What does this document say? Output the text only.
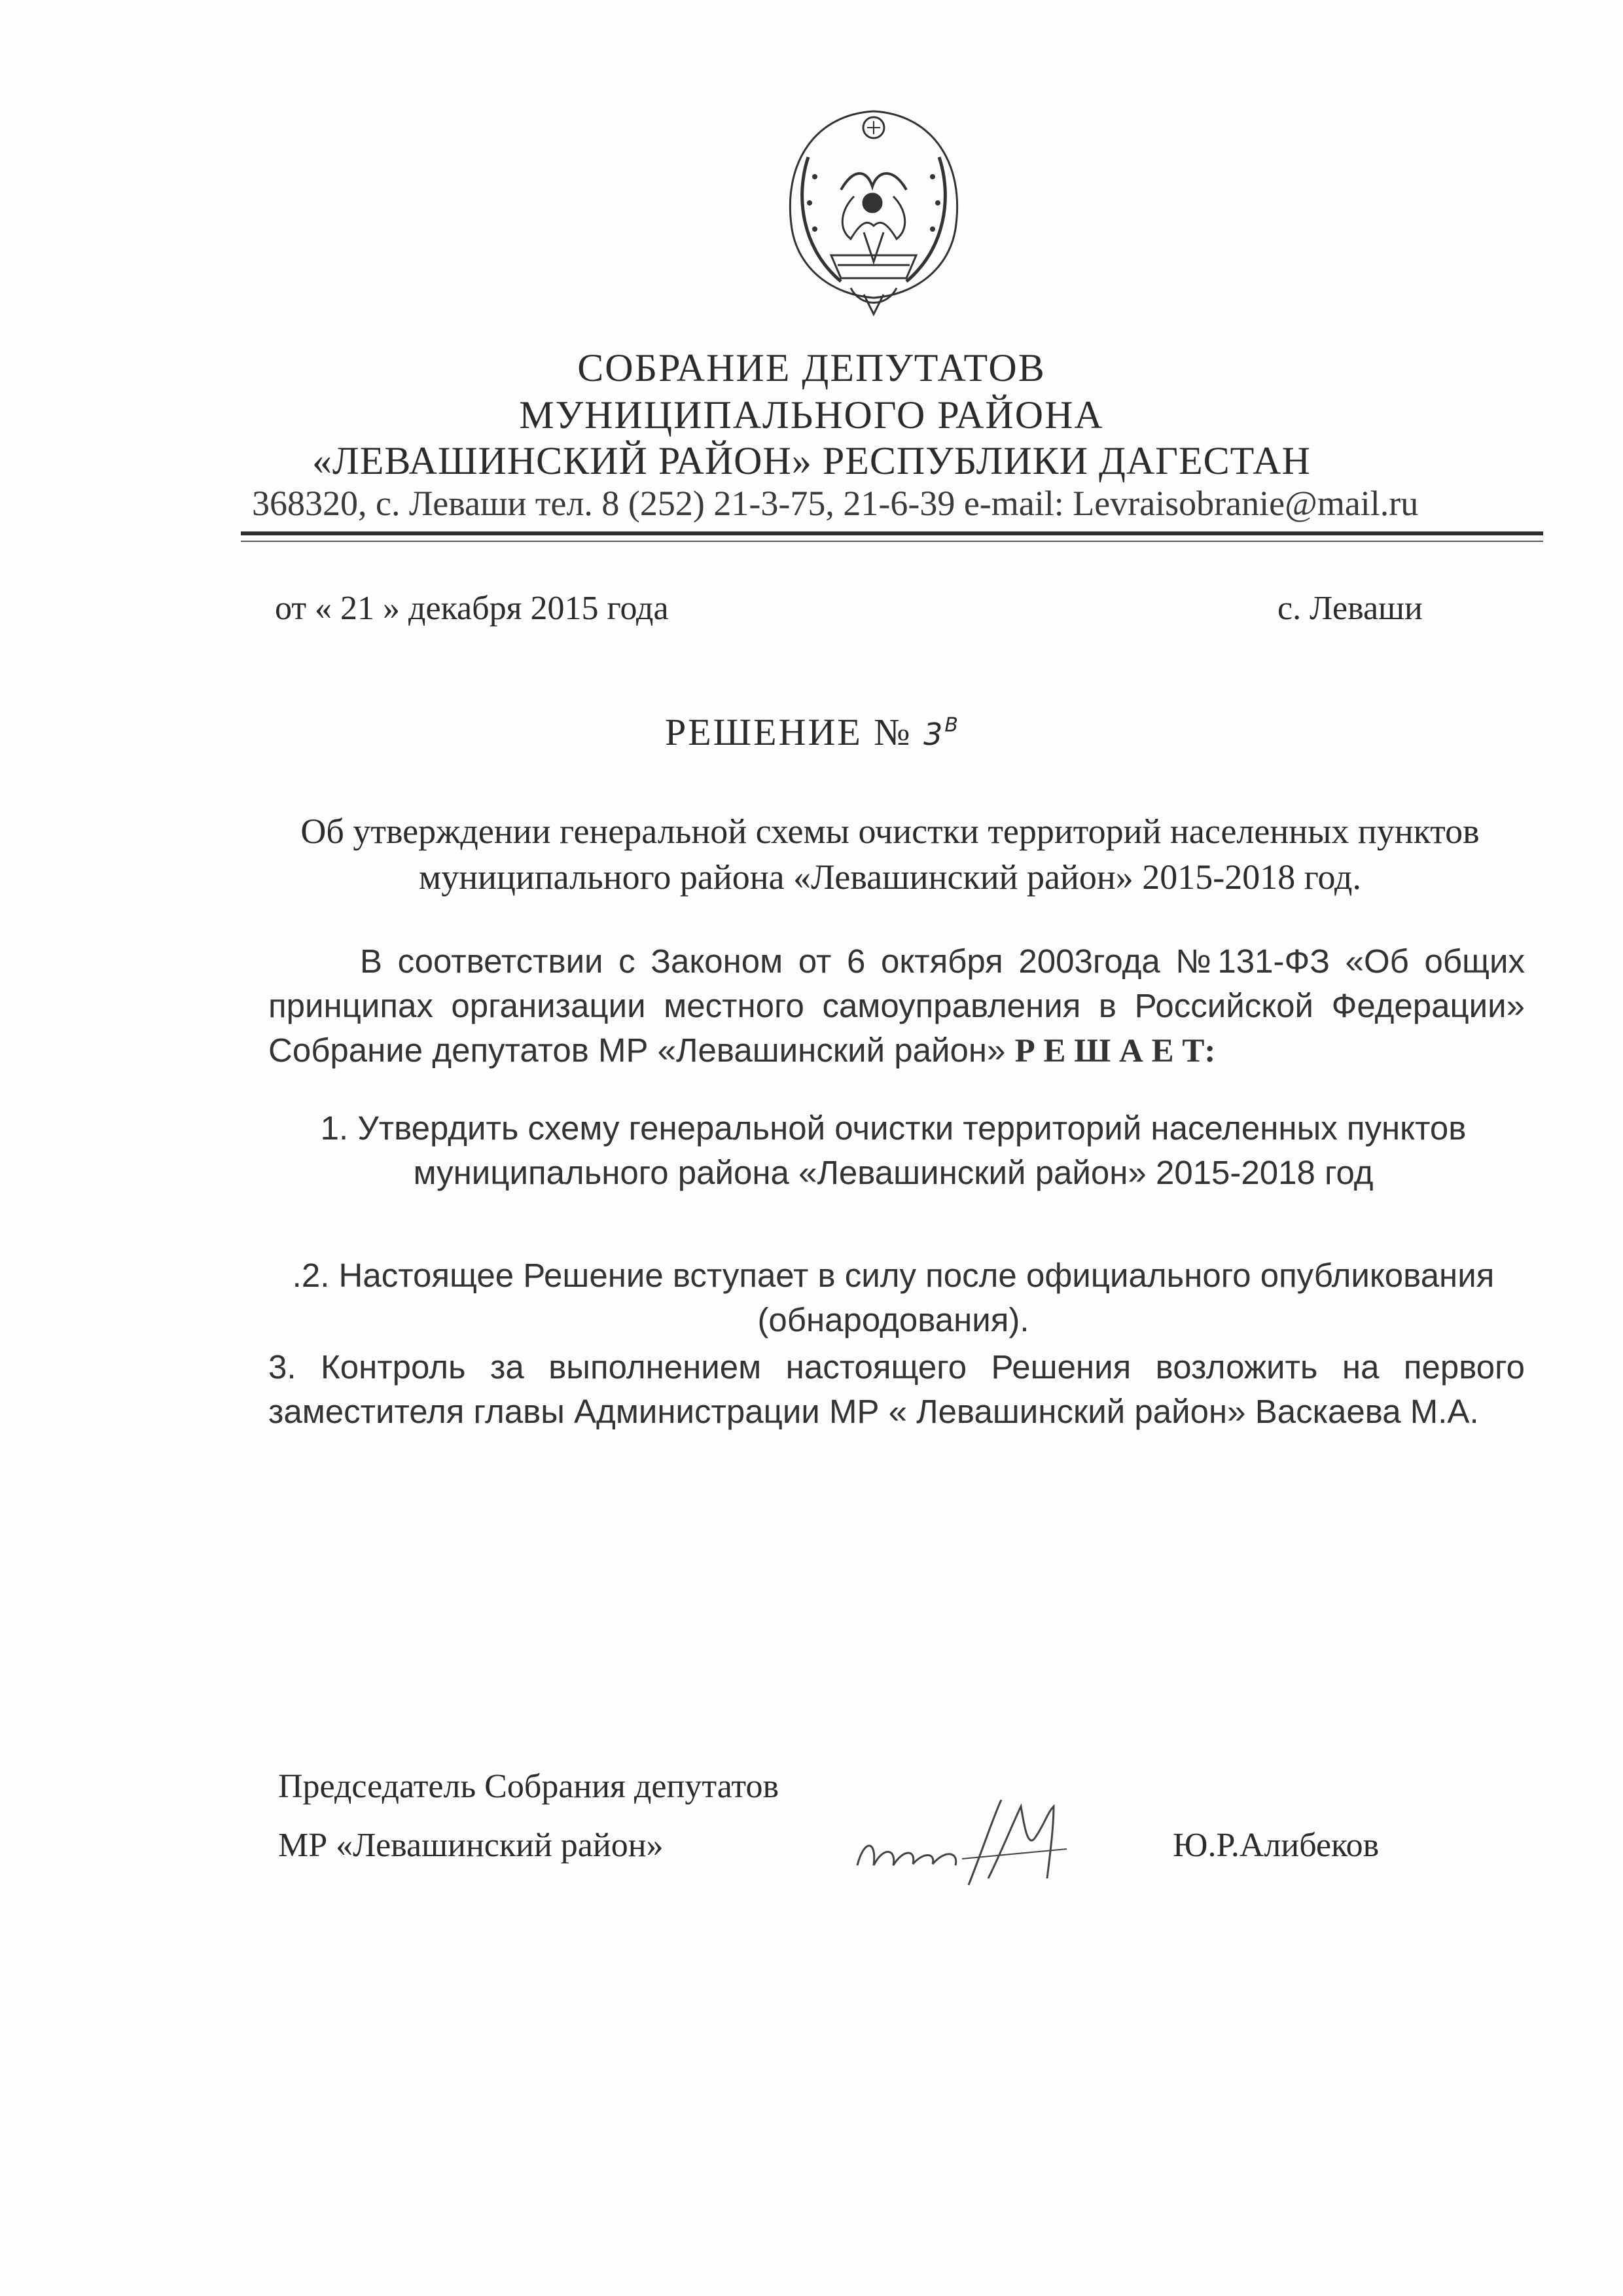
СОБРАНИЕ ДЕПУТАТОВ
МУНИЦИПАЛЬНОГО РАЙОНА
«ЛЕВАШИНСКИЙ РАЙОН» РЕСПУБЛИКИ ДАГЕСТАН
368320, с. Леваши тел. 8 (252) 21-3-75, 21-6-39 e-mail: Levraisobranie@mail.ru
от « 21 » декабря 2015 года	с. Леваши
РЕШЕНИЕ № $3^В$
Об утверждении генеральной схемы очистки территорий населенных пунктов муниципального района «Левашинский район» 2015-2018 год.
В соответствии с Законом от 6 октября 2003года №131-ФЗ «Об общих принципах организации местного самоуправления в Российской Федерации» Собрание депутатов МР «Левашинский район» Р Е Ш А Е Т:
1. Утвердить схему генеральной очистки территорий населенных пунктов муниципального района «Левашинский район» 2015-2018 год
.2. Настоящее Решение вступает в силу после официального опубликования (обнародования).
3. Контроль за выполнением настоящего Решения возложить на первого заместителя главы Администрации МР « Левашинский район» Васкаева М.А.
Председатель Собрания депутатов
МР «Левашинский район»	Ю.Р.Алибеков
